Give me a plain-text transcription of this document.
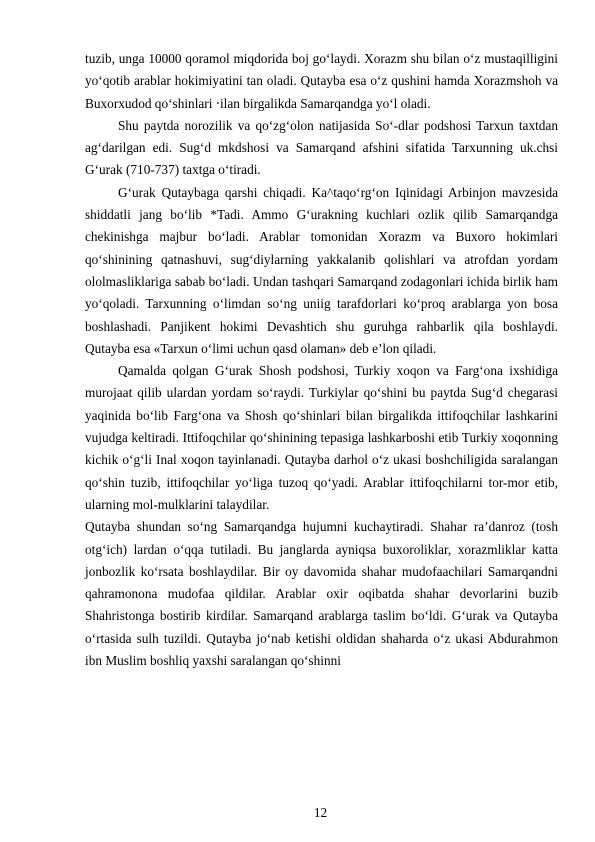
tuzib, unga 10000 qoramol miqdorida boj go‘laydi. Xorazm shu bilan o‘z mustaqilligini yo‘qotib arablar hokimiyatini tan oladi. Qutayba esa o‘z qushini hamda Xorazmshoh va Buxorxudod qo‘shinlari ‧ilan birgalikda Samarqandga yo‘l oladi.

Shu paytda norozilik va qo‘zg‘olon natijasida So‘-dlar podshosi Tarxun taxtdan ag‘darilgan edi. Sug‘d mkdshosi va Samarqand afshini sifatida Tarxunning uk.chsi G‘urak (710-737) taxtga o‘tiradi.

G‘urak Qutaybaga qarshi chiqadi. Ka^taqo‘rg‘on Iqinidagi Arbinjon mavzesida shiddatli jang bo‘lib *Tadi. Ammo G‘urakning kuchlari ozlik qilib Samarqandga chekinishga majbur bo‘ladi. Arablar tomonidan Xorazm va Buxoro hokimlari qo‘shinining qatnashuvi, sug‘diylarning yakkalanib qolishlari va atrofdan yordam ololmasliklariga sabab bo‘ladi. Undan tashqari Samarqand zodagonlari ichida birlik ham yo‘qoladi. Tarxunning o‘limdan so‘ng uniig tarafdorlari ko‘proq arablarga yon bosa boshlashadi. Panjikent hokimi Devashtich shu guruhga rahbarlik qila boshlaydi. Qutayba esa «Tarxun o‘limi uchun qasd olaman» deb e’lon qiladi.

Qamalda qolgan G‘urak Shosh podshosi, Turkiy xoqon va Farg‘ona ixshidiga murojaat qilib ulardan yordam so‘raydi. Turkiylar qo‘shini bu paytda Sug‘d chegarasi yaqinida bo‘lib Farg‘ona va Shosh qo‘shinlari bilan birgalikda ittifoqchilar lashkarini vujudga keltiradi. Ittifoqchilar qo‘shinining tepasiga lashkarboshi etib Turkiy xoqonning kichik o‘g‘li Inal xoqon tayinlanadi. Qutayba darhol o‘z ukasi boshchiligida saralangan qo‘shin tuzib, ittifoqchilar yo‘liga tuzoq qo‘yadi. Arablar ittifoqchilarni tor-mor etib, ularning mol-mulklarini talaydilar.

Qutayba shundan so‘ng Samarqandga hujumni kuchaytiradi. Shahar ra’danroz (tosh otg‘ich) lardan o‘qqa tutiladi. Bu janglarda ayniqsa buxoroliklar, xorazmliklar katta jonbozlik ko‘rsata boshlaydilar. Bir oy davomida shahar mudofaachilari Samarqandni qahramonona mudofaa qildilar. Arablar oxir oqibatda shahar devorlarini buzib Shahristonga bostirib kirdilar. Samarqand arablarga taslim bo‘ldi. G‘urak va Qutayba o‘rtasida sulh tuzildi. Qutayba jo‘nab ketishi oldidan shaharda o‘z ukasi Abdurahmon ibn Muslim boshliq yaxshi saralangan qo‘shinni

12
